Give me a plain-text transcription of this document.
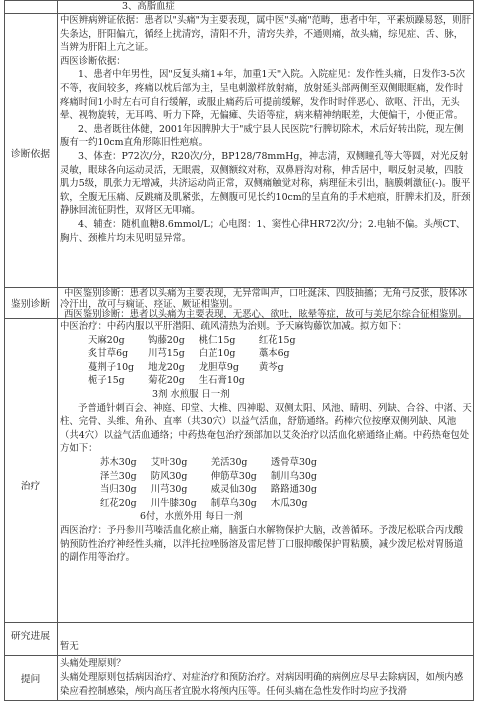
3、高脂血症
诊断依据

中医辨病辨证依据：患者以"头痛"为主要表现，属中医"头痛"范畴，患者中年，平素烦躁易怒，则肝失条达，肝阳偏亢，循经上扰清窍，清阳不升，清窍失养，不通则痛，故头痛，综见症、舌、脉，当辨为肝阳上亢之证。

西医诊断依据：

1、患者中年男性，因"反复头痛1+年，加重1天"入院。入院症见：发作性头痛，日发作3-5次不等，夜间较多，疼痛以枕后部为主，呈电刺激样放射痛，放射延头部两侧至双侧眼眶痛，发作时疼痛时间1小时左右可自行缓解，或服止痛药后可提前缓解，发作时时伴恶心、欲呕、汗出，无头晕、视物旋转，无耳鸣、听力下降，无偏瘫、失语等症，病来精神纳眠差，大便偏干，小便正常。

2、患者既往体健，2001年因脾肿大于"威宁县人民医院"行脾切除术，术后好转出院，现左侧腹有一约10cm直角形陈旧性疤痕。

3、体查：P72次/分，R20次/分，BP128/78mmHg，神志清，双侧瞳孔等大等圆，对光反射灵敏，眼球各向运动灵活，无眼震，双侧额纹对称，双鼻唇沟对称，伸舌居中，咽反射灵敏，四肢肌力5级，肌张力无增减，共济运动尚正常，双侧痛触觉对称，病理征未引出，脑膜刺激征(-)。腹平软，全腹无压痛、反跳痛及肌紧张，左侧腹可见长约10cm的呈直角的手术疤痕，肝脾未扪及，肝颈静脉回流征阴性，双肾区无叩痛。

4、辅查：随机血糖8.6mmol/L；心电图：1、窦性心律HR72次/分；2.电轴不偏。头颅CT、胸片、颈椎片均未见明显异常。

鉴别诊断

中医鉴别诊断：患者以头痛为主要表现，无异常叫声，口吐涎沫、四肢抽搐；无角弓反张，肢体冰冷汗出，故可与痫证、痉证、厥证相鉴别。

西医鉴别诊断：患者以头痛为主要表现，无恶心、欲吐，眩晕等症，故可与美尼尔综合征相鉴别。

治疗

中医治疗：中药内服以平肝潜阳、疏风清热为治则。予天麻钩藤饮加减。拟方如下：

天麻20g	钩藤20g 桃仁15g	红花15g
炙甘草6g	川芎15g 白芷10g	藁本6g
蔓荆子10g 地龙20g 龙胆草9g	黄芩g
栀子15g	菊花20g 生石膏10g

3剂 水煎服 日一剂

予普通针刺百会、神庭、印堂、大椎、四神聪、双侧太阳、风池、睛明、列缺、合谷、中渚、天柱、完骨、头维、角孙、直率（共30穴）以益气活血，舒筋通络。药棒穴位按摩双侧列缺、风池（共4穴）以益气活血通络；中药热奄包治疗颈部加以艾灸治疗以活血化瘀通络止痛。中药热奄包处方如下：

苏木30g 艾叶30g	羌活30g	透骨草30g
泽兰30g 防风30g	伸筋草30g 制川乌30g
当归30g 川芎30g	威灵仙30g 路路通30g
红花20g 川牛膝30g 制草乌30g 木瓜30g

6付，水煎外用 每日一剂

西医治疗：予丹参川芎嗪活血化瘀止痛，脑蛋白水解物保护大脑，改善循环。予泼尼松联合丙戊酸钠预防性治疗神经性头痛，以泮托拉唑肠溶及雷尼替丁口服抑酸保护胃粘膜，减少泼尼松对胃肠道的副作用等治疗。

研究进展

暂无

提问

头痛处理原则？

头痛处理原则包括病因治疗、对症治疗和预防治疗。对病因明确的病例应尽早去除病因，如颅内感染应看控制感染，颅内高压者宜脱水将颅内压等。任何头痛在急性发作时均应予找滑
